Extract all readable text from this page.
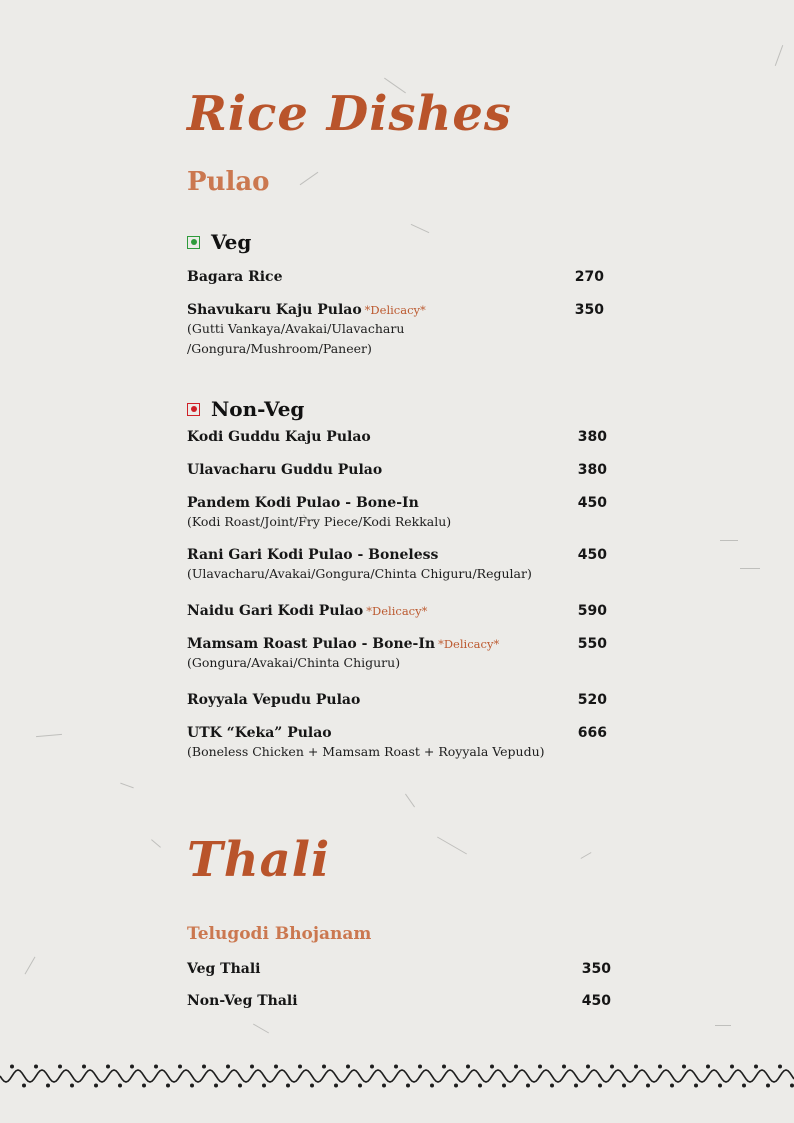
Rice Dishes
Pulao
Veg
Bagara Rice	270
Shavukaru Kaju Pulao *Delicacy*	350
(Gutti Vankaya/Avakai/Ulavacharu
/Gongura/Mushroom/Paneer)
Non-Veg
Kodi Guddu Kaju Pulao	380
Ulavacharu Guddu Pulao	380
Pandem Kodi Pulao - Bone-In	450
(Kodi Roast/Joint/Fry Piece/Kodi Rekkalu)
Rani Gari Kodi Pulao - Boneless	450
(Ulavacharu/Avakai/Gongura/Chinta Chiguru/Regular)
Naidu Gari Kodi Pulao *Delicacy*	590
Mamsam Roast Pulao - Bone-In *Delicacy*	550
(Gongura/Avakai/Chinta Chiguru)
Royyala Vepudu Pulao	520
UTK “Keka” Pulao	666
(Boneless Chicken + Mamsam Roast + Royyala Vepudu)
Thali
Telugodi Bhojanam
Veg Thali	350
Non-Veg Thali	450
